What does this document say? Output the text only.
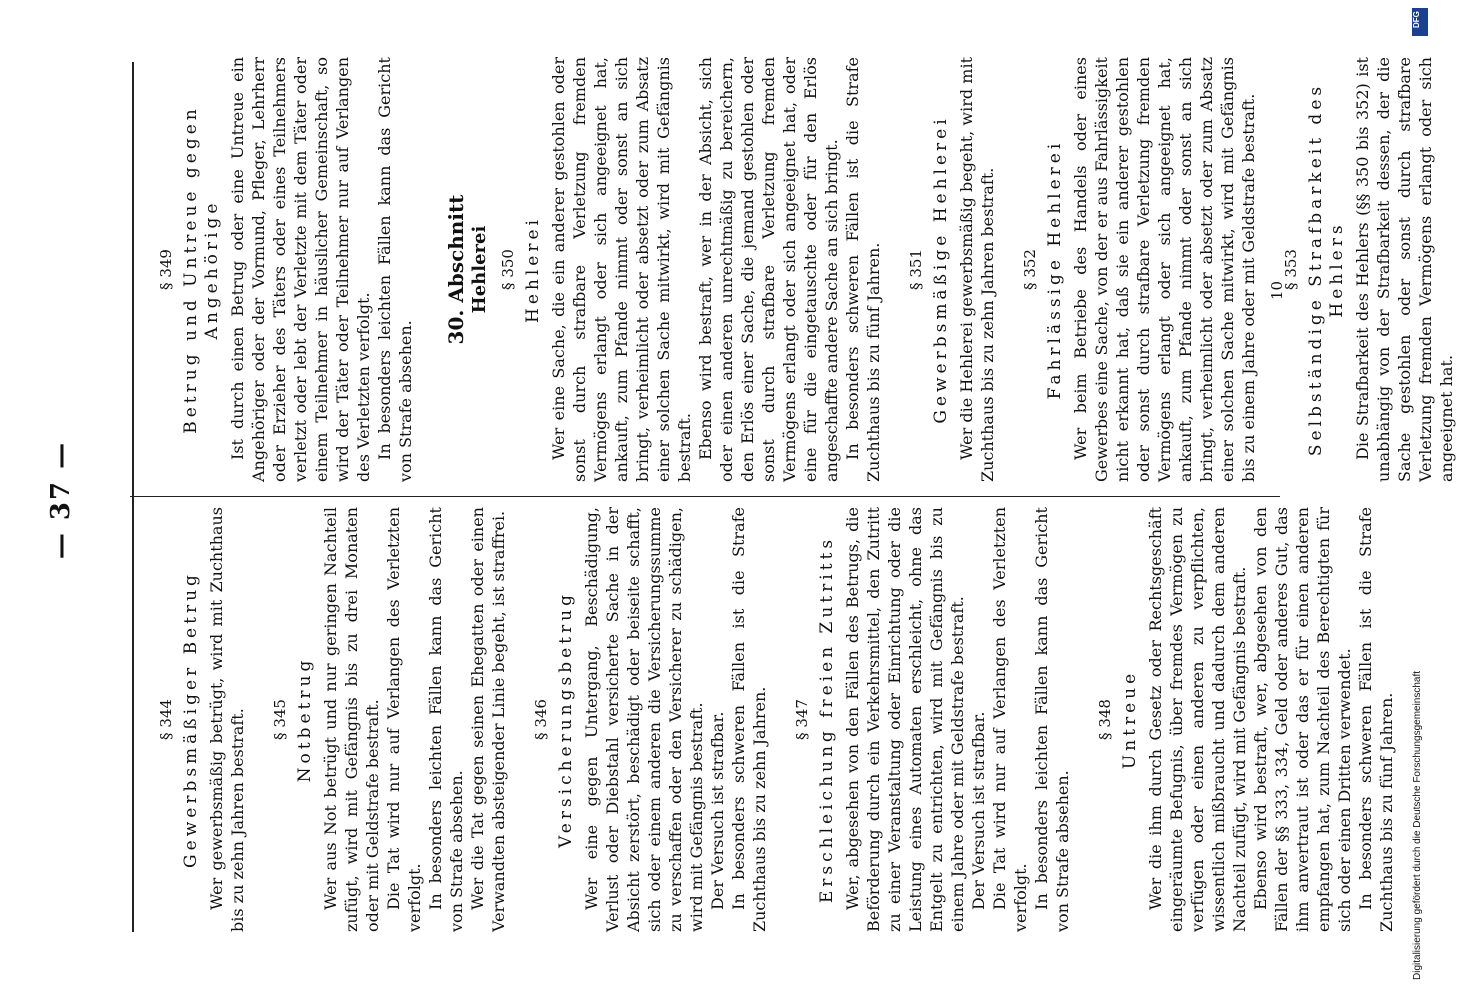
— 37 —
§ 344 Gewerbsmäßiger Betrug Wer gewerbsmäßig betrügt, wird mit Zuchthaus bis zu zehn Jahren bestraft. § 345 Notbetrug Wer aus Not betrügt und nur geringen Nachteil zufügt, wird mit Gefängnis bis zu drei Monaten oder mit Geldstrafe bestraft. Die Tat wird nur auf Verlangen des Verletzten verfolgt. In besonders leichten Fällen kann das Gericht von Strafe absehen. Wer die Tat gegen seinen Ehegatten oder einen Verwandten absteigender Linie begeht, ist straffrei. § 346 Versicherungsbetrug Wer eine gegen Untergang, Beschädigung, Verlust oder Diebstahl versicherte Sache in der Absicht zerstört, beschädigt oder beiseite schafft, sich oder einem anderen die Versicherungssumme zu verschaffen oder den Versicherer zu schädigen, wird mit Gefängnis bestraft. Der Versuch ist strafbar. In besonders schweren Fällen ist die Strafe Zuchthaus bis zu zehn Jahren. § 347 Erschleichung freien Zutritts Wer, abgesehen von den Fällen des Betrugs, die Beförderung durch ein Verkehrsmittel, den Zutritt zu einer Veranstaltung oder Einrichtung oder die Leistung eines Automaten erschleicht, ohne das Entgelt zu entrichten, wird mit Gefängnis bis zu einem Jahre oder mit Geldstrafe bestraft. Der Versuch ist strafbar. Die Tat wird nur auf Verlangen des Verletzten verfolgt. In besonders leichten Fällen kann das Gericht von Strafe absehen.

§ 348 Untreue Wer die ihm durch Gesetz oder Rechtsgeschäft eingeräumte Befugnis, über fremdes Vermögen zu verfügen oder einen anderen zu verpflichten, wissentlich mißbraucht und dadurch dem anderen Nachteil zufügt, wird mit Gefängnis bestraft. Ebenso wird bestraft, wer, abgesehen von den Fällen der §§ 333, 334, Geld oder anderes Gut, das ihm anvertraut ist oder das er für einen anderen empfangen hat, zum Nachteil des Berechtigten für sich oder einen Dritten verwendet. In besonders schweren Fällen ist die Strafe Zuchthaus bis zu fünf Jahren.

§ 349 Betrug und Untreue gegen Angehörige Ist durch einen Betrug oder eine Untreue ein Angehöriger oder der Vormund, Pfleger, Lehrherr oder Erzieher des Täters oder eines Teilnehmers verletzt oder lebt der Verletzte mit dem Täter oder einem Teilnehmer in häuslicher Gemeinschaft, so wird der Täter oder Teilnehmer nur auf Verlangen des Verletzten verfolgt. In besonders leichten Fällen kann das Gericht von Strafe absehen.

30. Abschnitt Hehlerei § 350 Hehlerei Wer eine Sache, die ein anderer gestohlen oder sonst durch strafbare Verletzung fremden Vermögens erlangt oder sich angeeignet hat, ankauft, zum Pfande nimmt oder sonst an sich bringt, verheimlicht oder absetzt oder zum Absatz einer solchen Sache mitwirkt, wird mit Gefängnis bestraft. Ebenso wird bestraft, wer in der Absicht, sich oder einen anderen unrechtmäßig zu bereichern, den Erlös einer Sache, die jemand gestohlen oder sonst durch strafbare Verletzung fremden Vermögens erlangt oder sich angeeignet hat, oder eine für die eingetauschte oder für den Erlös angeschaffte andere Sache an sich bringt. In besonders schweren Fällen ist die Strafe Zuchthaus bis zu fünf Jahren. § 351 Gewerbsmäßige Hehlerei Wer die Hehlerei gewerbsmäßig begeht, wird mit Zuchthaus bis zu zehn Jahren bestraft. § 352 Fahrlässige Hehlerei Wer beim Betriebe des Handels oder eines Gewerbes eine Sache, von der er aus Fahrlässigkeit nicht erkannt hat, daß sie ein anderer gestohlen oder sonst durch strafbare Verletzung fremden Vermögens erlangt oder sich angeeignet hat, ankauft, zum Pfande nimmt oder sonst an sich bringt, verheimlicht oder absetzt oder zum Absatz einer solchen Sache mitwirkt, wird mit Gefängnis bis zu einem Jahre oder mit Geldstrafe bestraft. § 353 Selbständige Strafbarkeit des Hehlers Die Strafbarkeit des Hehlers (§§ 350 bis 352) ist unabhängig von der Strafbarkeit dessen, der die Sache gestohlen oder sonst durch strafbare Verletzung fremden Vermögens erlangt oder sich angeeignet hat.

10
DFG
Digitalisierung gefördert durch die Deutsche Forschungsgemeinschaft
